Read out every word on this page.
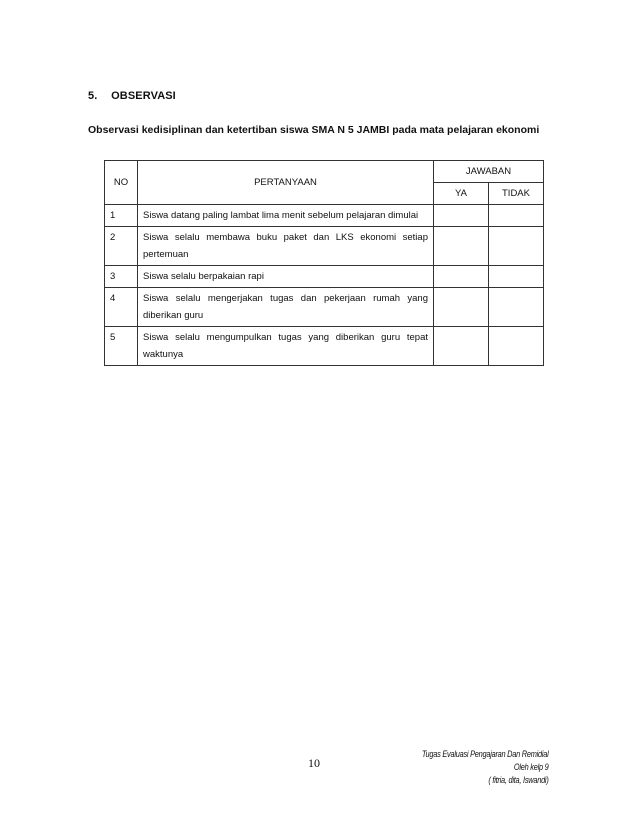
5. OBSERVASI
Observasi kedisiplinan dan ketertiban siswa SMA N 5 JAMBI pada mata pelajaran ekonomi
NO	PERTANYAAN	JAWABAN	
		YA	TIDAK
1	Siswa datang paling lambat lima menit sebelum pelajaran dimulai		
2	Siswa selalu membawa buku paket dan LKS ekonomi setiap pertemuan		
3	Siswa selalu berpakaian rapi		
4	Siswa selalu mengerjakan tugas dan pekerjaan rumah yang diberikan guru		
5	Siswa selalu mengumpulkan tugas yang diberikan guru tepat waktunya		
10
Tugas Evaluasi Pengajaran Dan Remidial
Oleh kelp 9
( fitria, dita, Iswandi)
